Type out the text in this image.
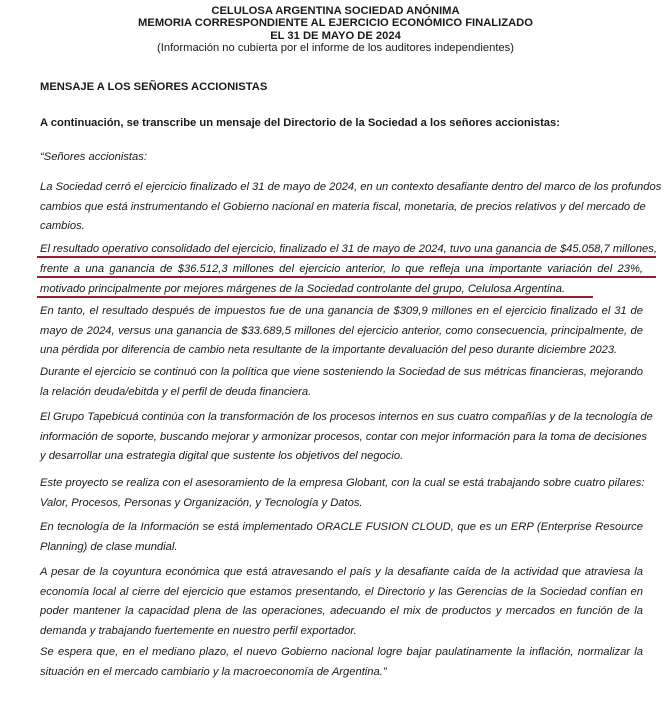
CELULOSA ARGENTINA SOCIEDAD ANÓNIMA
MEMORIA CORRESPONDIENTE AL EJERCICIO ECONÓMICO FINALIZADO
EL 31 DE MAYO DE 2024
(Información no cubierta por el informe de los auditores independientes)
MENSAJE A LOS SEÑORES ACCIONISTAS
A continuación, se transcribe un mensaje del Directorio de la Sociedad a los señores accionistas:
“Señores accionistas:
La Sociedad cerró el ejercicio finalizado el 31 de mayo de 2024, en un contexto desafiante dentro del marco de los profundos
cambios que está instrumentando el Gobierno nacional en materia fiscal, monetaria, de precios relativos y del mercado de
cambios.
El resultado operativo consolidado del ejercicio, finalizado el 31 de mayo de 2024, tuvo una ganancia de $45.058,7 millones,
frente a una ganancia de $36.512,3 millones del ejercicio anterior, lo que refleja una importante variación del 23%,
motivado principalmente por mejores márgenes de la Sociedad controlante del grupo, Celulosa Argentina.
En tanto, el resultado después de impuestos fue de una ganancia de $309,9 millones en el ejercicio finalizado el 31 de
mayo de 2024, versus una ganancia de $33.689,5 millones del ejercicio anterior, como consecuencia, principalmente, de
una pérdida por diferencia de cambio neta resultante de la importante devaluación del peso durante diciembre 2023.
Durante el ejercicio se continuó con la política que viene sosteniendo la Sociedad de sus métricas financieras, mejorando
la relación deuda/ebitda y el perfil de deuda financiera.
El Grupo Tapebicuá continúa con la transformación de los procesos internos en sus cuatro compañías y de la tecnología de
información de soporte, buscando mejorar y armonizar procesos, contar con mejor información para la toma de decisiones
y desarrollar una estrategia digital que sustente los objetivos del negocio.
Este proyecto se realiza con el asesoramiento de la empresa Globant, con la cual se está trabajando sobre cuatro pilares:
Valor, Procesos, Personas y Organización, y Tecnología y Datos.
En tecnología de la Información se está implementado ORACLE FUSION CLOUD, que es un ERP (Enterprise Resource
Planning) de clase mundial.
A pesar de la coyuntura económica que está atravesando el país y la desafiante caída de la actividad que atraviesa la
economía local al cierre del ejercicio que estamos presentando, el Directorio y las Gerencias de la Sociedad confían en
poder mantener la capacidad plena de las operaciones, adecuando el mix de productos y mercados en función de la
demanda y trabajando fuertemente en nuestro perfil exportador.
Se espera que, en el mediano plazo, el nuevo Gobierno nacional logre bajar paulatinamente la inflación, normalizar la
situación en el mercado cambiario y la macroeconomía de Argentina.”
